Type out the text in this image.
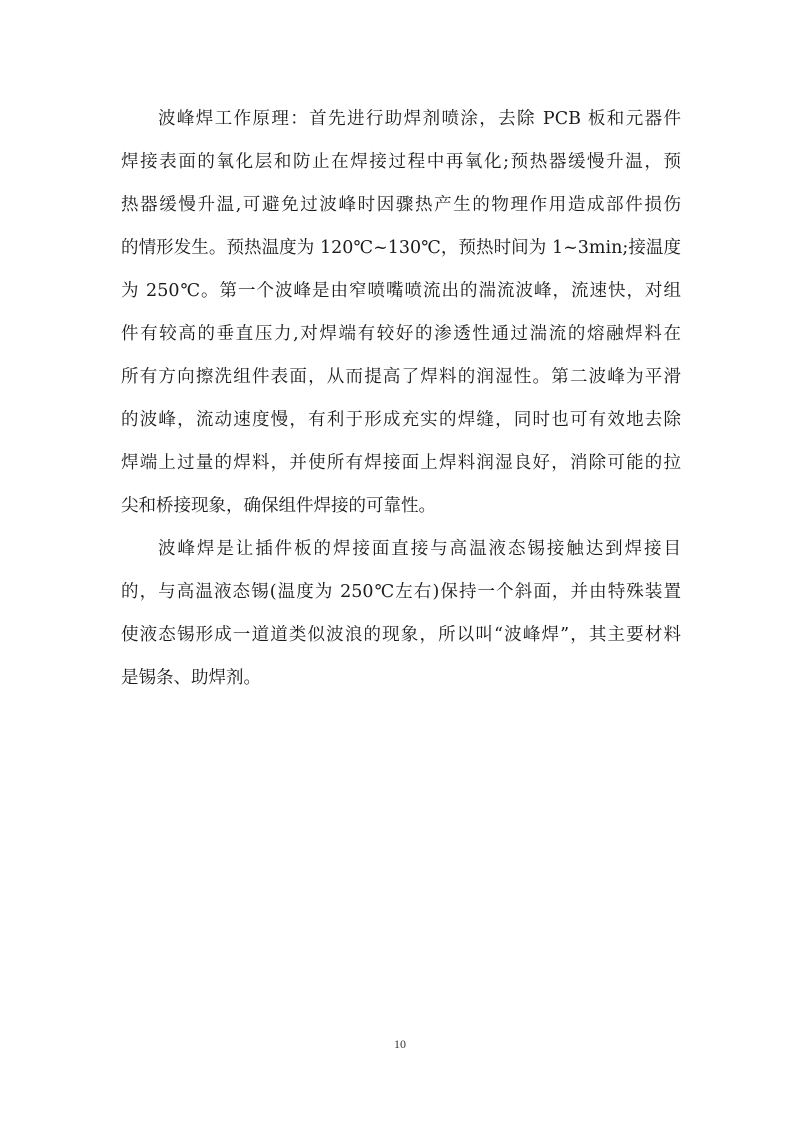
波峰焊工作原理：首先进行助焊剂喷涂，去除 PCB 板和元器件
焊接表面的氧化层和防止在焊接过程中再氧化;预热器缓慢升温，预
热器缓慢升温,可避免过波峰时因骤热产生的物理作用造成部件损伤
的情形发生。预热温度为 120℃~130℃，预热时间为 1~3min;接温度
为 250℃。第一个波峰是由窄喷嘴喷流出的湍流波峰，流速快，对组
件有较高的垂直压力,对焊端有较好的渗透性通过湍流的熔融焊料在
所有方向擦洗组件表面，从而提高了焊料的润湿性。第二波峰为平滑
的波峰，流动速度慢，有利于形成充实的焊缝，同时也可有效地去除
焊端上过量的焊料，并使所有焊接面上焊料润湿良好，消除可能的拉
尖和桥接现象，确保组件焊接的可靠性。
波峰焊是让插件板的焊接面直接与高温液态锡接触达到焊接目
的，与高温液态锡(温度为 250℃左右)保持一个斜面，并由特殊装置
使液态锡形成一道道类似波浪的现象，所以叫“波峰焊”，其主要材料
是锡条、助焊剂。
10
